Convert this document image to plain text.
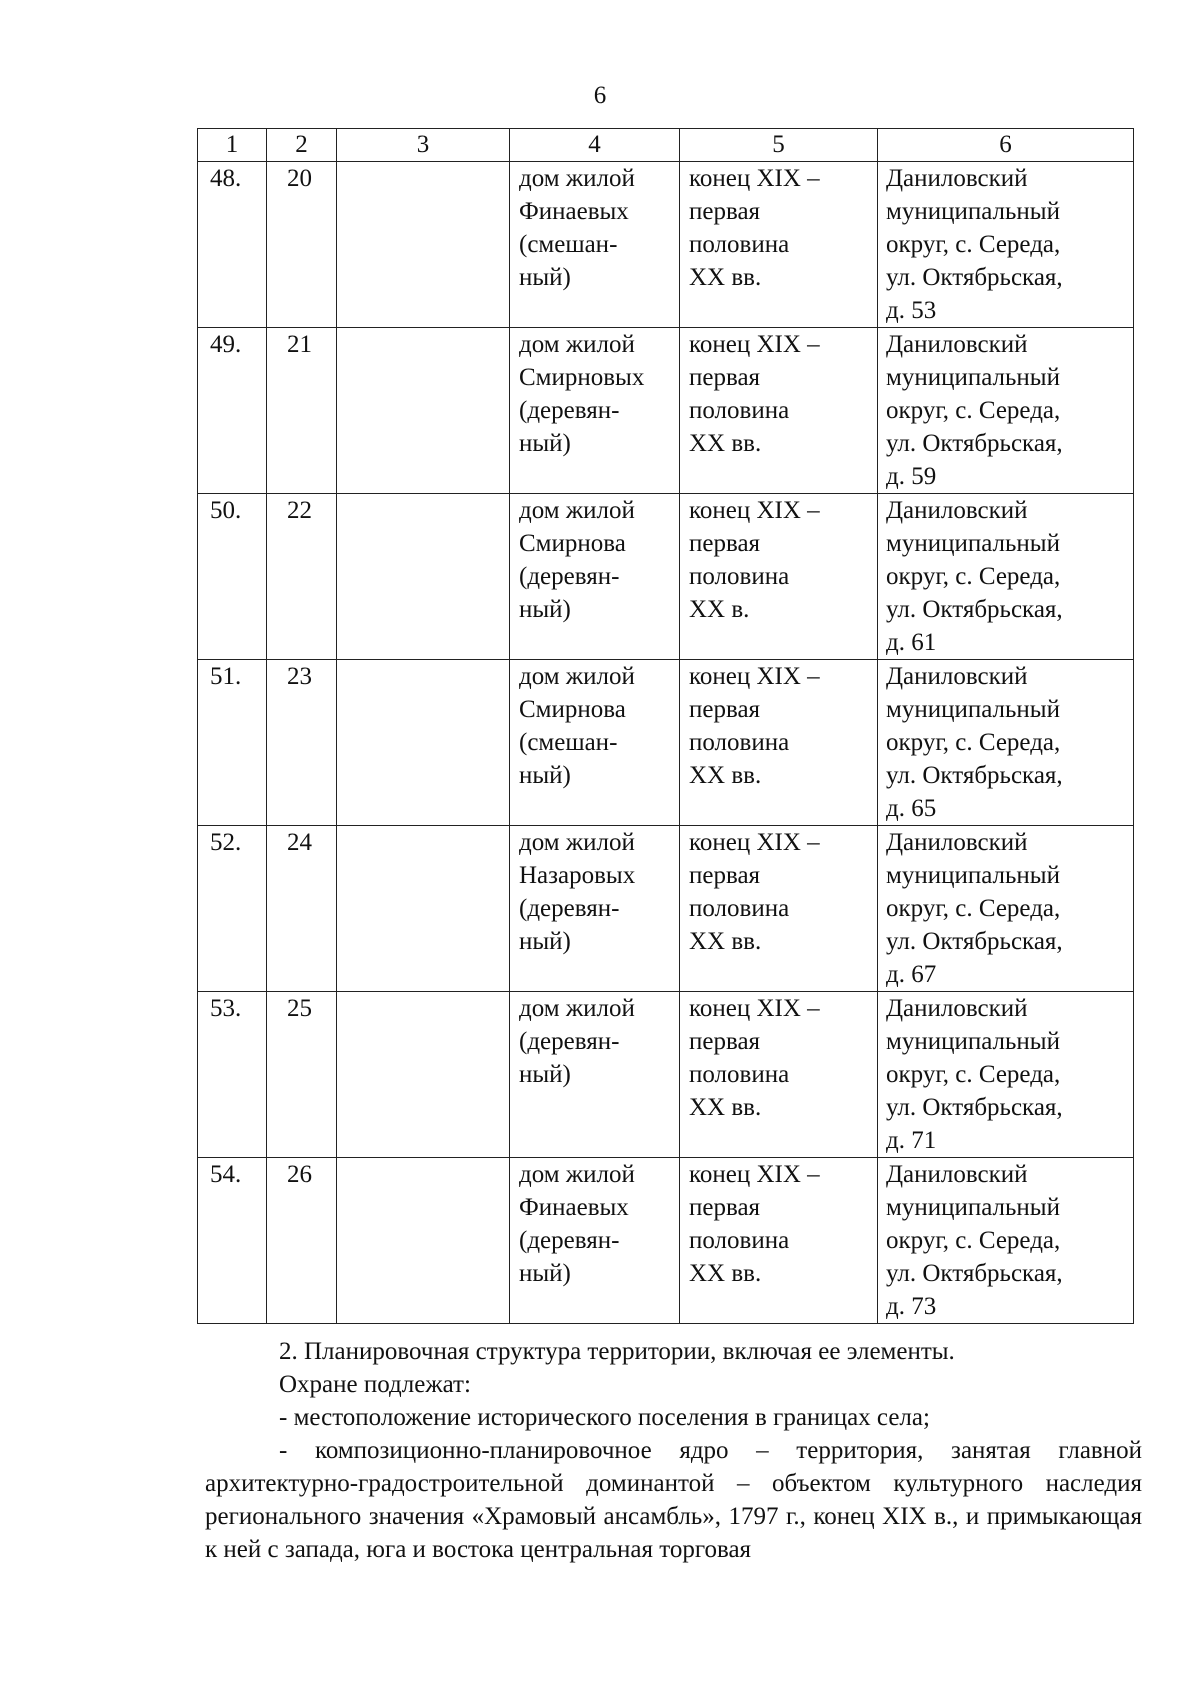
6
1	2	3	4	5	6
48.	20		дом жилой
Финаевых
(смешан-
ный)	конец XIX –
первая
половина
XX вв.	Даниловский
муниципальный
округ, с. Середа,
ул. Октябрьская,
д. 53
49.	21		дом жилой
Смирновых
(деревян-
ный)	конец XIX –
первая
половина
XX вв.	Даниловский
муниципальный
округ, с. Середа,
ул. Октябрьская,
д. 59
50.	22		дом жилой
Смирнова
(деревян-
ный)	конец XIX –
первая
половина
XX в.	Даниловский
муниципальный
округ, с. Середа,
ул. Октябрьская,
д. 61
51.	23		дом жилой
Смирнова
(смешан-
ный)	конец XIX –
первая
половина
XX вв.	Даниловский
муниципальный
округ, с. Середа,
ул. Октябрьская,
д. 65
52.	24		дом жилой
Назаровых
(деревян-
ный)	конец XIX –
первая
половина
XX вв.	Даниловский
муниципальный
округ, с. Середа,
ул. Октябрьская,
д. 67
53.	25		дом жилой
(деревян-
ный)	конец XIX –
первая
половина
XX вв.	Даниловский
муниципальный
округ, с. Середа,
ул. Октябрьская,
д. 71
54.	26		дом жилой
Финаевых
(деревян-
ный)	конец XIX –
первая
половина
XX вв.	Даниловский
муниципальный
округ, с. Середа,
ул. Октябрьская,
д. 73

2. Планировочная структура территории, включая ее элементы.

Охране подлежат:

- местоположение исторического поселения в границах села;

- композиционно-планировочное ядро – территория, занятая главной архитектурно-градостроительной доминантой – объектом культурного наследия регионального значения «Храмовый ансамбль», 1797 г., конец XIX в., и примыкающая к ней с запада, юга и востока центральная торговая
